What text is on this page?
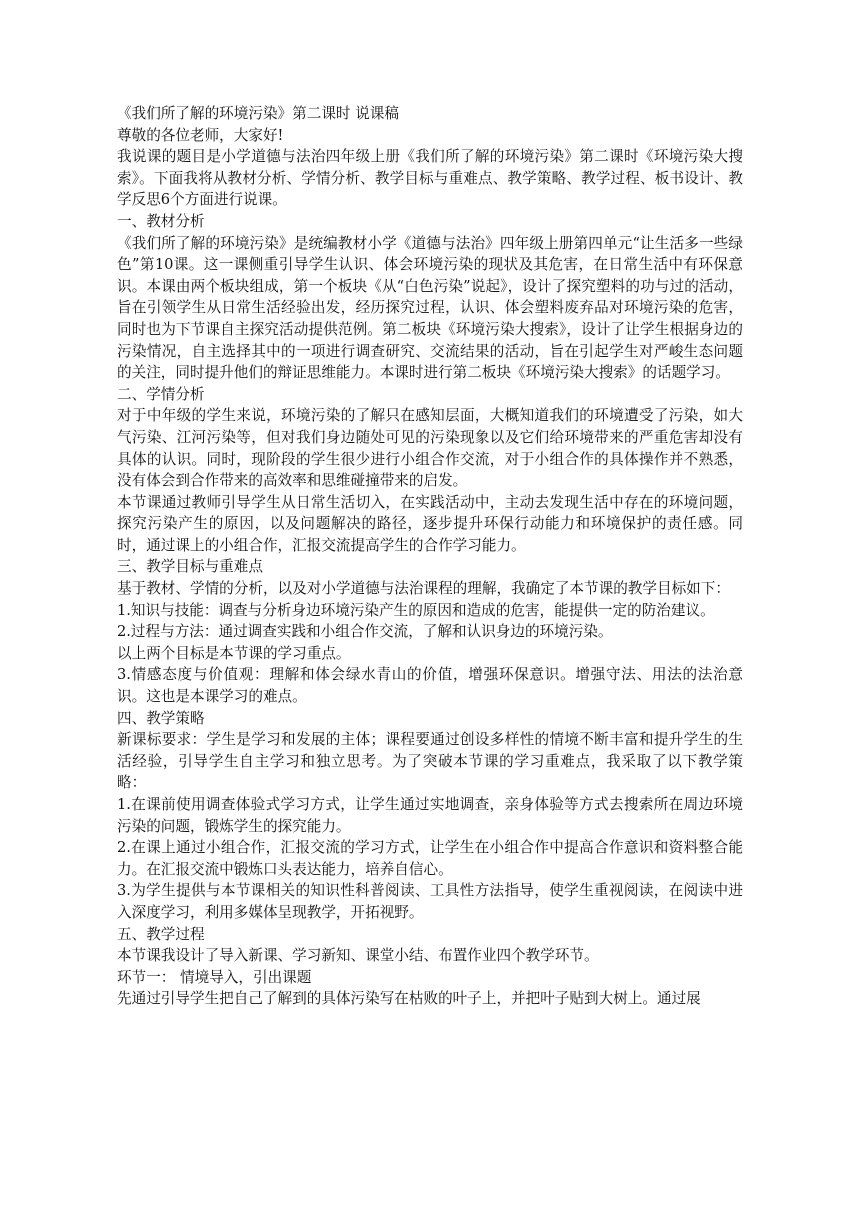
《我们所了解的环境污染》第二课时 说课稿

尊敬的各位老师，大家好!

我说课的题目是小学道德与法治四年级上册《我们所了解的环境污染》第二课时《环境污染大搜索》。下面我将从教材分析、学情分析、教学目标与重难点、教学策略、教学过程、板书设计、教学反思6个方面进行说课。

一、教材分析

《我们所了解的环境污染》是统编教材小学《道德与法治》四年级上册第四单元“让生活多一些绿色”第10课。这一课侧重引导学生认识、体会环境污染的现状及其危害，在日常生活中有环保意识。本课由两个板块组成，第一个板块《从“白色污染”说起》，设计了探究塑料的功与过的活动，旨在引领学生从日常生活经验出发，经历探究过程，认识、体会塑料废弃品对环境污染的危害，同时也为下节课自主探究活动提供范例。第二板块《环境污染大搜索》，设计了让学生根据身边的污染情况，自主选择其中的一项进行调查研究、交流结果的活动，旨在引起学生对严峻生态问题的关注，同时提升他们的辩证思维能力。本课时进行第二板块《环境污染大搜索》的话题学习。

二、学情分析

对于中年级的学生来说，环境污染的了解只在感知层面，大概知道我们的环境遭受了污染，如大气污染、江河污染等，但对我们身边随处可见的污染现象以及它们给环境带来的严重危害却没有具体的认识。同时，现阶段的学生很少进行小组合作交流，对于小组合作的具体操作并不熟悉，没有体会到合作带来的高效率和思维碰撞带来的启发。

本节课通过教师引导学生从日常生活切入，在实践活动中，主动去发现生活中存在的环境问题，探究污染产生的原因，以及问题解决的路径，逐步提升环保行动能力和环境保护的责任感。同时，通过课上的小组合作，汇报交流提高学生的合作学习能力。

三、教学目标与重难点

基于教材、学情的分析，以及对小学道德与法治课程的理解，我确定了本节课的教学目标如下：

1.知识与技能：调查与分析身边环境污染产生的原因和造成的危害，能提供一定的防治建议。

2.过程与方法：通过调查实践和小组合作交流，了解和认识身边的环境污染。

以上两个目标是本节课的学习重点。

3.情感态度与价值观：理解和体会绿水青山的价值，增强环保意识。增强守法、用法的法治意识。这也是本课学习的难点。

四、教学策略

新课标要求：学生是学习和发展的主体；课程要通过创设多样性的情境不断丰富和提升学生的生活经验，引导学生自主学习和独立思考。为了突破本节课的学习重难点，我采取了以下教学策略：

1.在课前使用调查体验式学习方式，让学生通过实地调查，亲身体验等方式去搜索所在周边环境污染的问题，锻炼学生的探究能力。

2.在课上通过小组合作，汇报交流的学习方式，让学生在小组合作中提高合作意识和资料整合能力。在汇报交流中锻炼口头表达能力，培养自信心。

3.为学生提供与本节课相关的知识性科普阅读、工具性方法指导，使学生重视阅读，在阅读中进入深度学习，利用多媒体呈现教学，开拓视野。

五、教学过程

本节课我设计了导入新课、学习新知、课堂小结、布置作业四个教学环节。

环节一： 情境导入，引出课题

先通过引导学生把自己了解到的具体污染写在枯败的叶子上，并把叶子贴到大树上。通过展
